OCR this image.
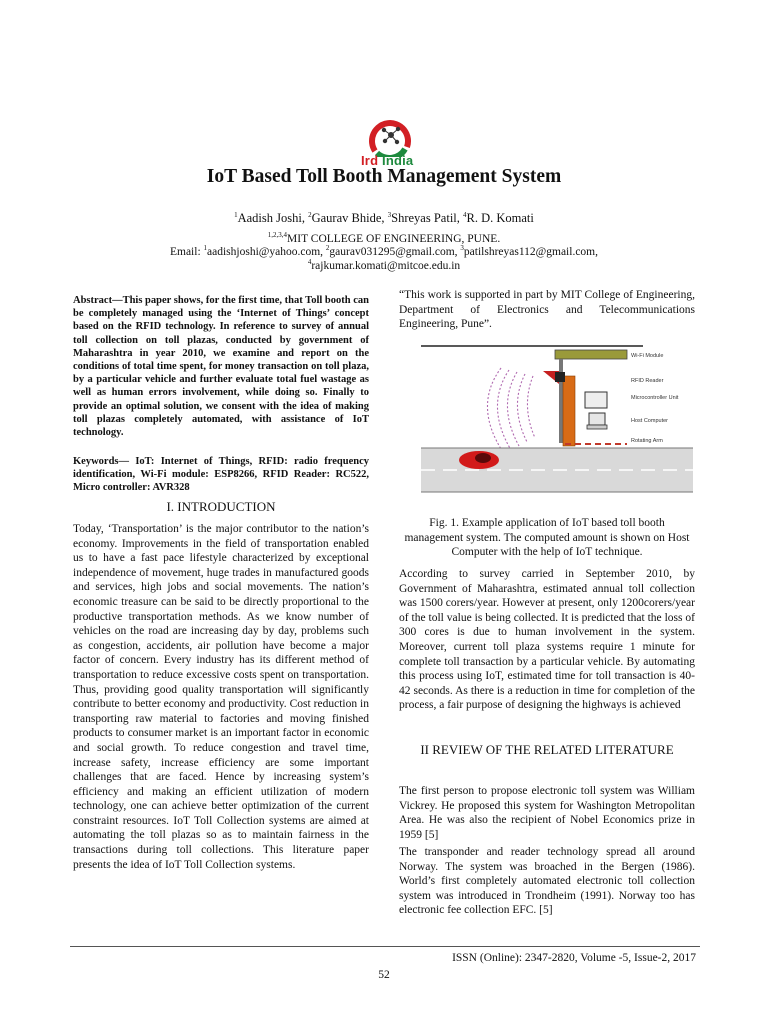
Ird India
IoT Based Toll Booth Management System
$^1$Aadish Joshi, $^2$Gaurav Bhide, $^3$Shreyas Patil, $^4$R. D. Komati
$^{1,2,3,4}$MIT COLLEGE OF ENGINEERING, PUNE.
Email: $^1$aadishjoshi@yahoo.com, $^2$gaurav031295@gmail.com, $^3$patilshreyas112@gmail.com,
$^4$rajkumar.komati@mitcoe.edu.in
Abstract—This paper shows, for the first time, that Toll booth can be completely managed using the ‘Internet of Things’ concept based on the RFID technology. In reference to survey of annual toll collection on toll plazas, conducted by government of Maharashtra in year 2010, we examine and report on the conditions of total time spent, for money transaction on toll plaza, by a particular vehicle and further evaluate total fuel wastage as well as human errors involvement, while doing so. Finally to provide an optimal solution, we consent with the idea of making toll plazas completely automated, with assistance of IoT technology.
Keywords— IoT: Internet of Things, RFID: radio frequency identification, Wi-Fi module: ESP8266, RFID Reader: RC522, Micro controller: AVR328
I. INTRODUCTION
Today, ‘Transportation’ is the major contributor to the nation’s economy. Improvements in the field of transportation enabled us to have a fast pace lifestyle characterized by exceptional independence of movement, huge trades in manufactured goods and services, high jobs and social movements. The nation’s economic treasure can be said to be directly proportional to the productive transportation methods. As we know number of vehicles on the road are increasing day by day, problems such as congestion, accidents, air pollution have become a major factor of concern. Every industry has its different method of transportation to reduce excessive costs spent on transportation. Thus, providing good quality transportation will significantly contribute to better economy and productivity. Cost reduction in transporting raw material to factories and moving finished products to consumer market is an important factor in economic and social growth. To reduce congestion and travel time, increase safety, increase efficiency are some important challenges that are faced. Hence by increasing system’s efficiency and making an efficient utilization of modern technology, one can achieve better optimization of the current constraint resources. IoT Toll Collection systems are aimed at automating the toll plazas so as to maintain fairness in the transactions during toll collections. This literature paper presents the idea of IoT Toll Collection systems.
“This work is supported in part by MIT College of Engineering, Department of Electronics and Telecommunications Engineering, Pune”.
Wi-Fi Module
RFID Reader
Microcontroller Unit
Host Computer
Rotating Arm
Fig. 1. Example application of IoT based toll booth management system. The computed amount is shown on Host Computer with the help of IoT technique.
According to survey carried in September 2010, by Government of Maharashtra, estimated annual toll collection was 1500 corers/year. However at present, only 1200corers/year of the toll value is being collected. It is predicted that the loss of 300 cores is due to human involvement in the system. Moreover, current toll plaza systems require 1 minute for complete toll transaction by a particular vehicle. By automating this process using IoT, estimated time for toll transaction is 40-42 seconds. As there is a reduction in time for completion of the process, a fair purpose of designing the highways is achieved
II REVIEW OF THE RELATED LITERATURE
The first person to propose electronic toll system was William Vickrey. He proposed this system for Washington Metropolitan Area. He was also the recipient of Nobel Economics prize in 1959 [5]
The transponder and reader technology spread all around Norway. The system was broached in the Bergen (1986). World’s first completely automated electronic toll collection system was introduced in Trondheim (1991). Norway too has electronic fee collection EFC. [5]
ISSN (Online): 2347-2820, Volume -5, Issue-2, 2017
52
